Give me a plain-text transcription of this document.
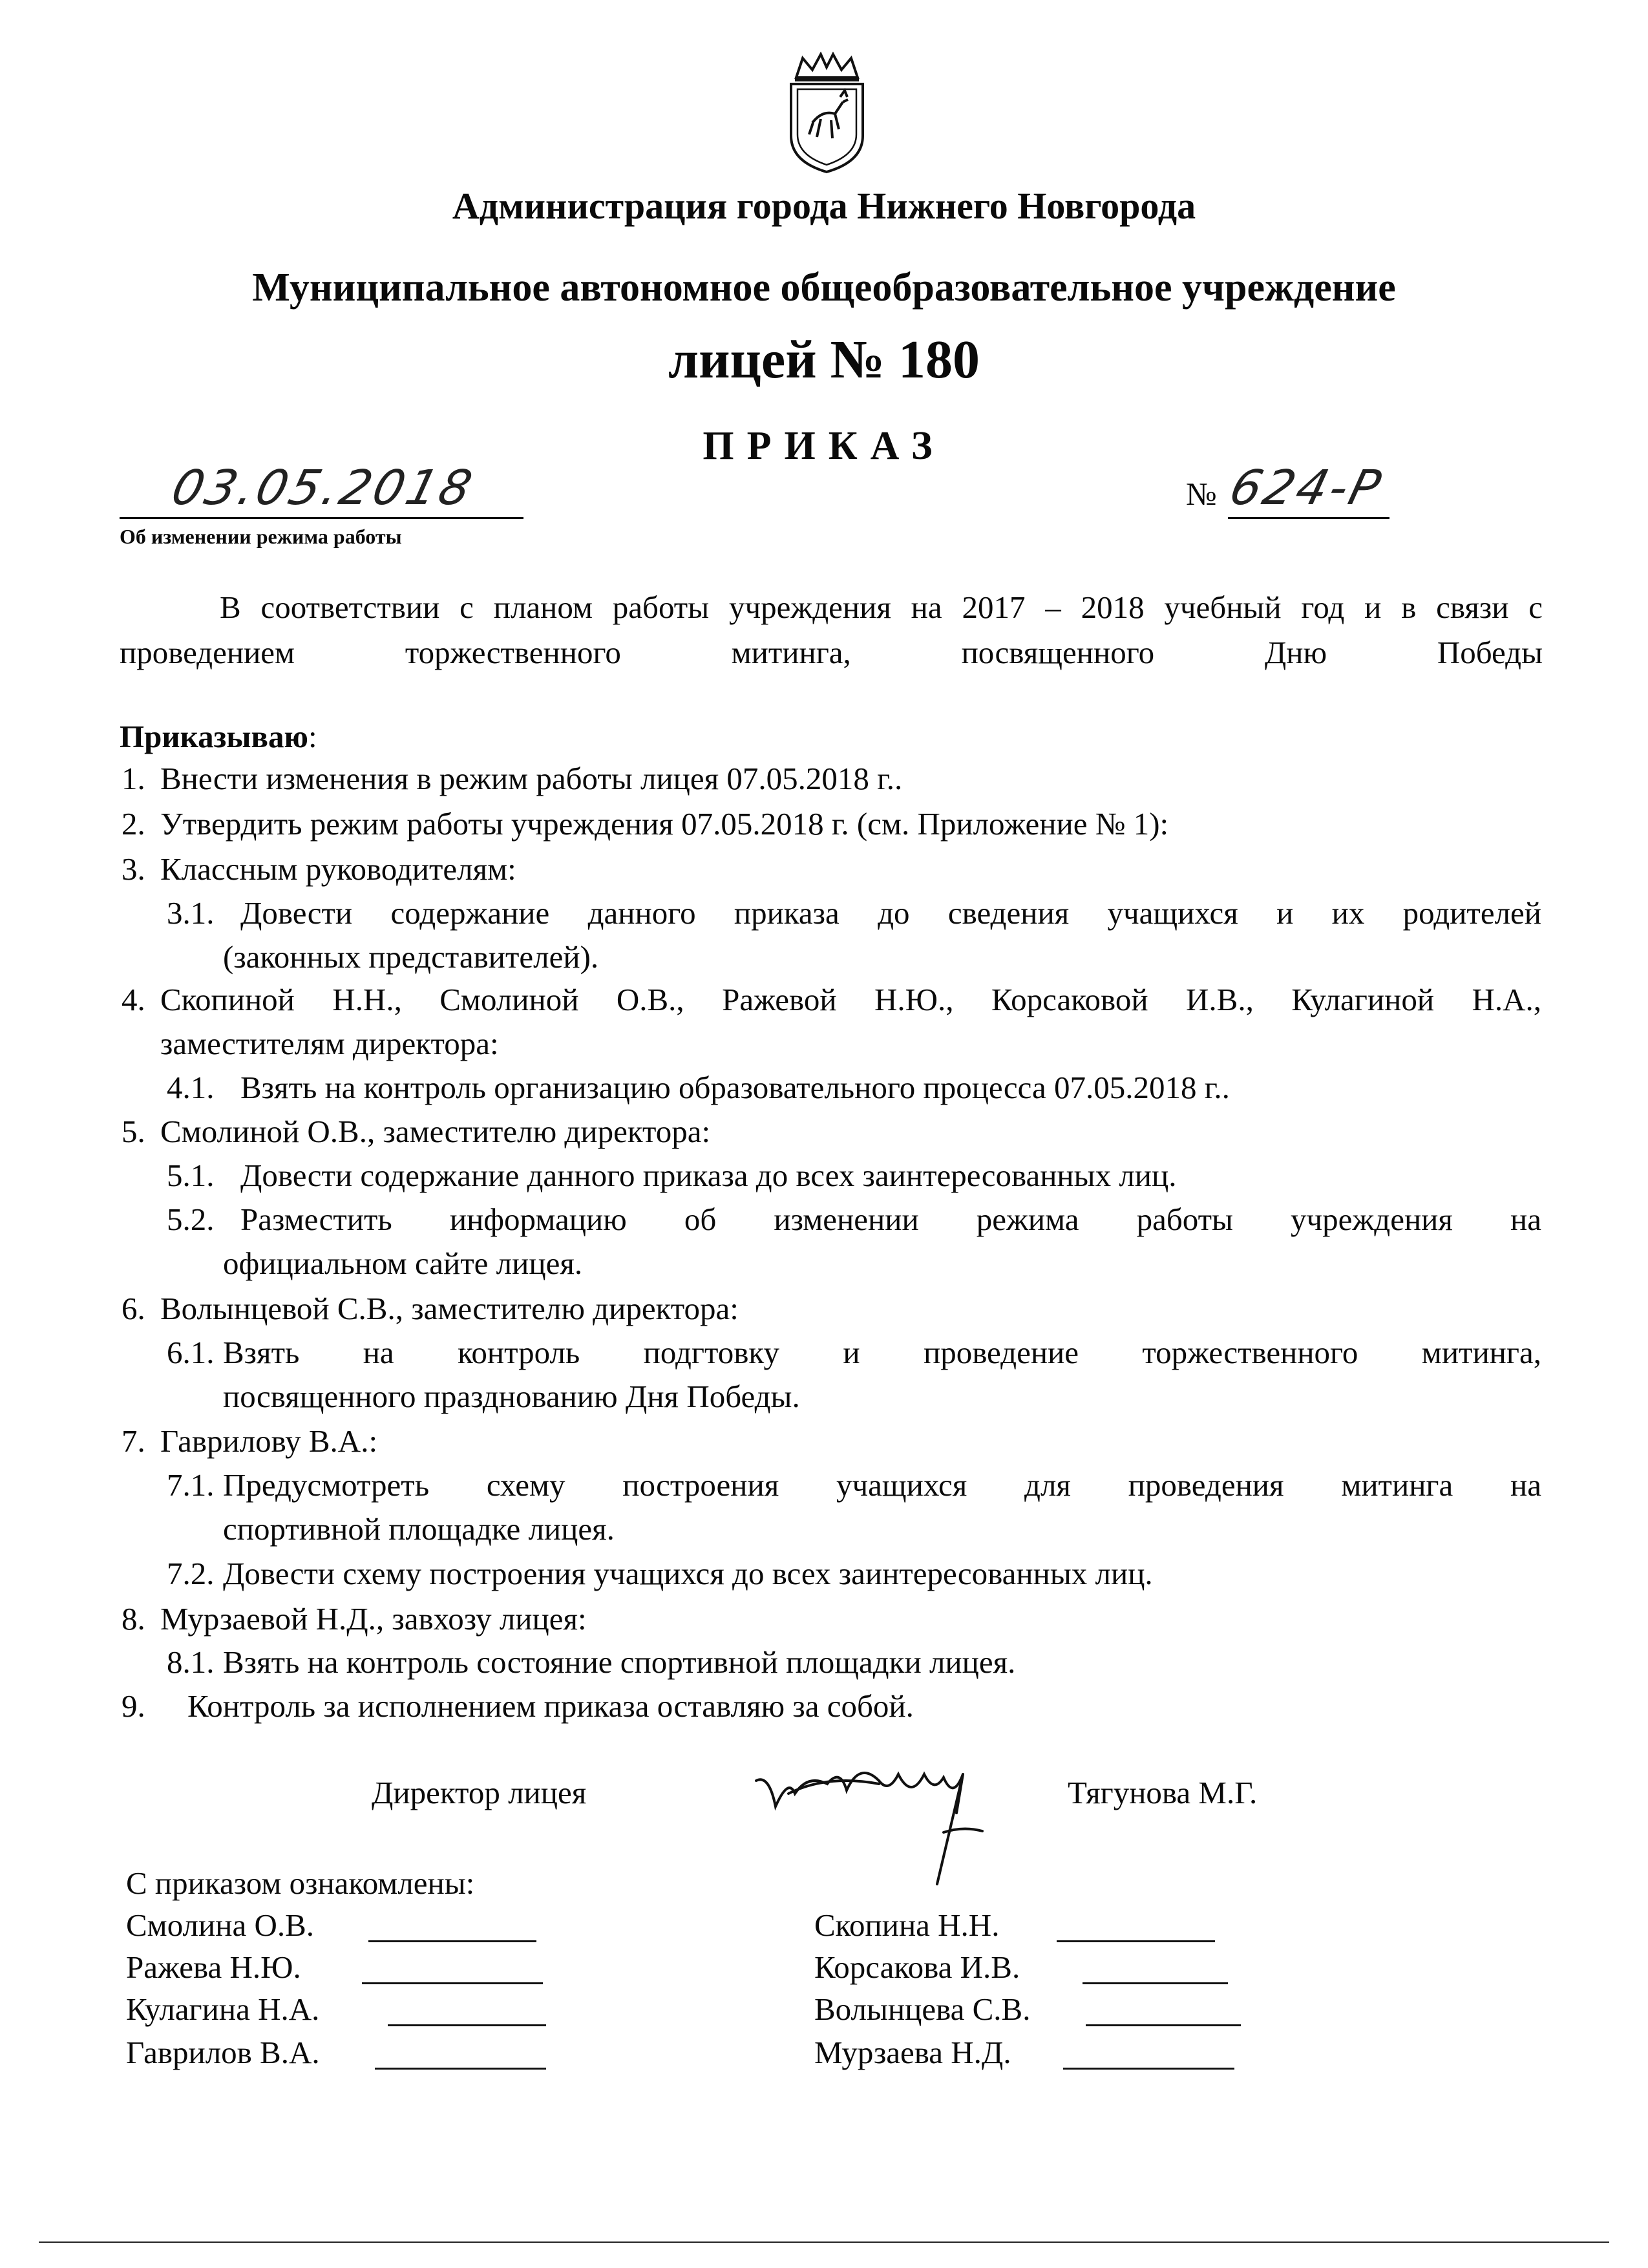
Администрация города Нижнего Новгорода
Муниципальное автономное общеобразовательное учреждение
лицей № 180
ПРИКАЗ
03.05.2018	№ 624-Р
Об изменении режима работы
В соответствии с планом работы учреждения на 2017 – 2018 учебный год и в связи с проведением торжественного митинга, посвященного Дню Победы
Приказываю:
1. Внести изменения в режим работы лицея 07.05.2018 г..
2. Утвердить режим работы учреждения 07.05.2018 г. (см. Приложение № 1):
3. Классным руководителям:
3.1. Довести содержание данного приказа до сведения учащихся и их родителей
(законных представителей).
4. Скопиной Н.Н., Смолиной О.В., Ражевой Н.Ю., Корсаковой И.В., Кулагиной Н.А.,
заместителям директора:
4.1. Взять на контроль организацию образовательного процесса 07.05.2018 г..
5. Смолиной О.В., заместителю директора:
5.1. Довести содержание данного приказа до всех заинтересованных лиц.
5.2. Разместить информацию об изменении режима работы учреждения на
официальном сайте лицея.
6. Волынцевой С.В., заместителю директора:
6.1. Взять на контроль подгтовку и проведение торжественного митинга,
посвященного празднованию Дня Победы.
7. Гаврилову В.А.:
7.1. Предусмотреть схему построения учащихся для проведения митинга на
спортивной площадке лицея.
7.2. Довести схему построения учащихся до всех заинтересованных лиц.
8. Мурзаевой Н.Д., завхозу лицея:
8.1. Взять на контроль состояние спортивной площадки лицея.
9. Контроль за исполнением приказа оставляю за собой.
Директор лицея	Тягунова М.Г.
С приказом ознакомлены:
Смолина О.В.
Ражева Н.Ю.
Кулагина Н.А.
Гаврилов В.А.
Скопина Н.Н.
Корсакова И.В.
Волынцева С.В.
Мурзаева Н.Д.
